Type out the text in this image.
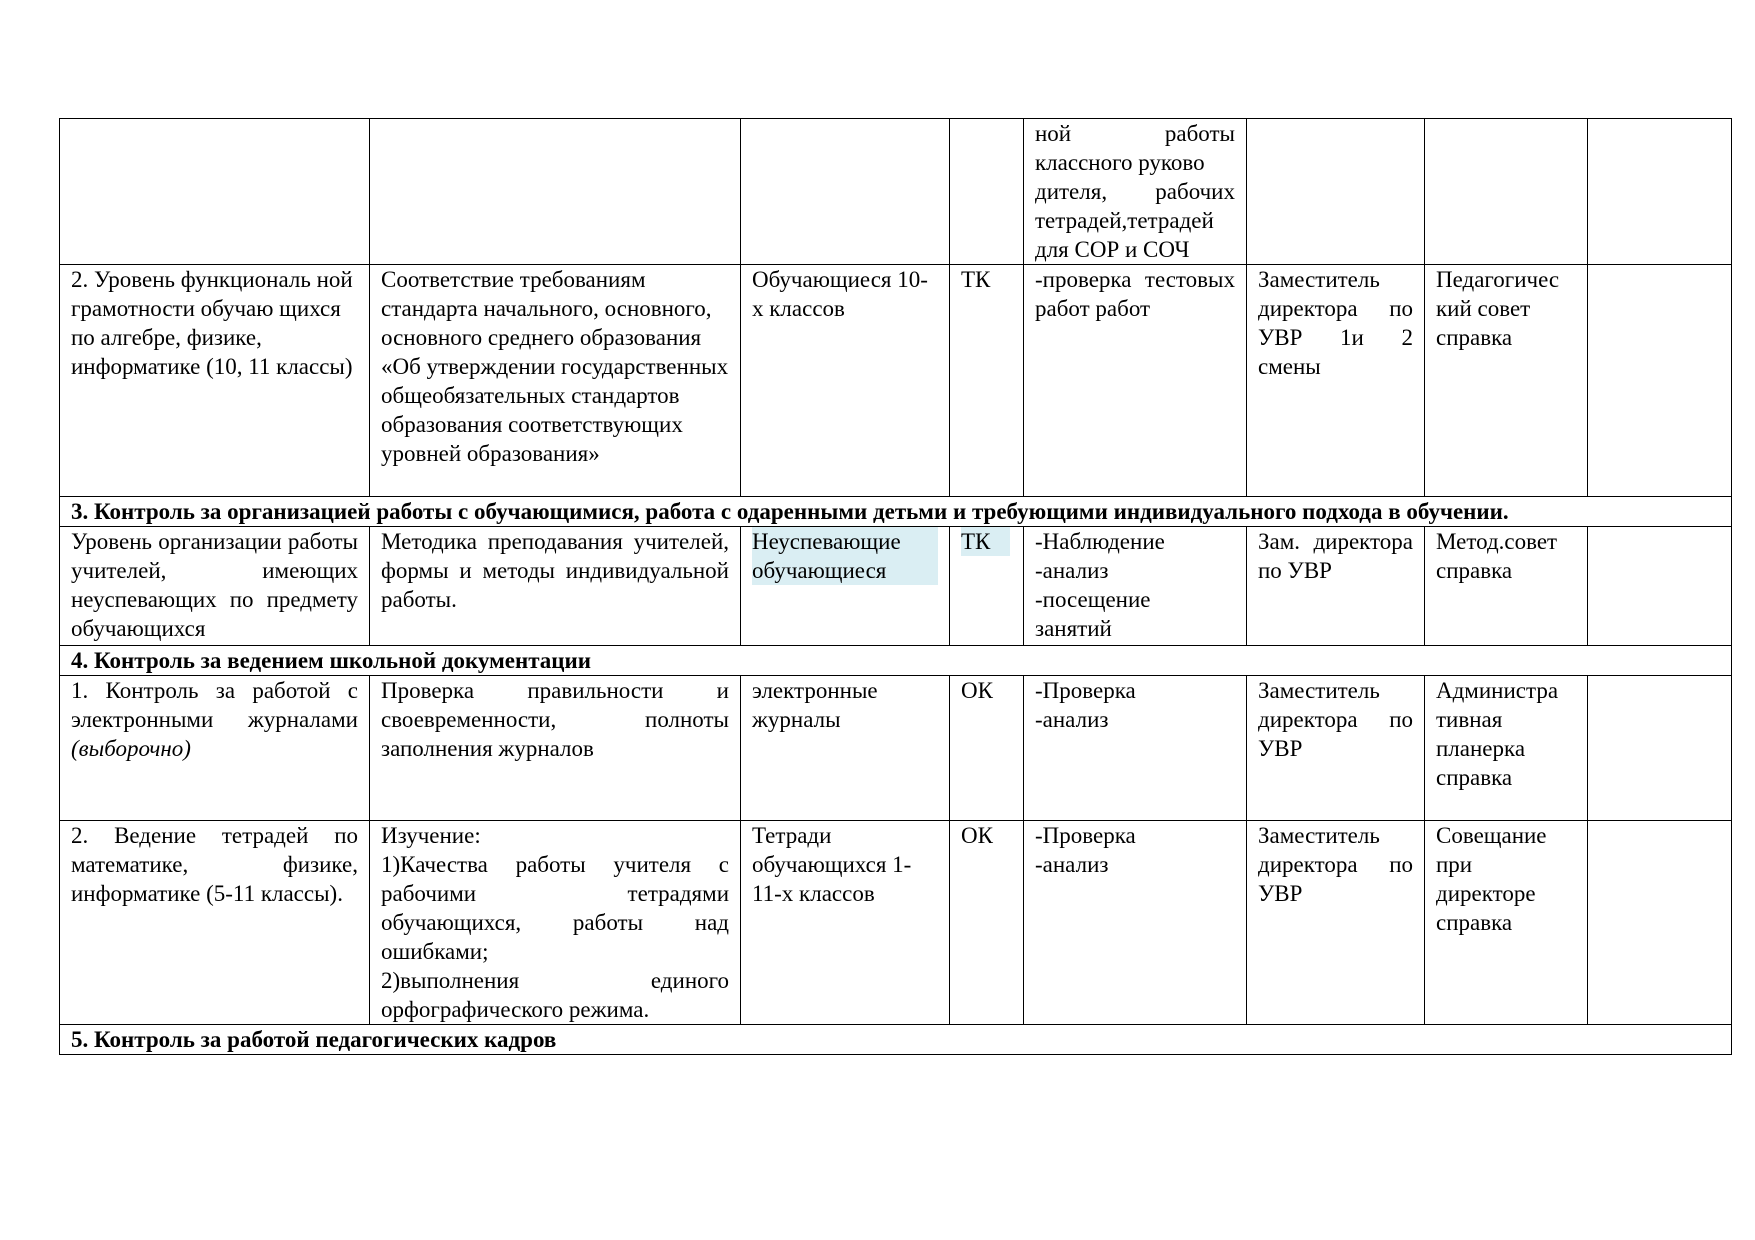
				ной работы
классного руково
дителя, рабочих
тетрадей,тетрадей
для СОР и СОЧ			

2. Уровень функциональ ной грамотности обучаю щихся по алгебре, физике, информатике (10, 11 классы)	Соответствие требованиям стандарта начального, основного, основного среднего образования «Об утверждении государственных общеобязательных стандартов образования соответствующих уровней образования»	Обучающиеся 10-х классов	ТК	-проверка тестовых работ работ	Заместитель директора по УВР 1и 2 смены	Педагогичес кий совет справка	
3. Контроль за организацией работы с обучающимися, работа с одаренными детьми и требующими индивидуального подхода в обучении.							
Уровень организации работы учителей, имеющих неуспевающих по предмету обучающихся	Методика преподавания учителей, формы и методы индивидуальной работы.	Неуспевающие обучающиеся	ТК	-Наблюдение
-анализ
-посещение
занятий	Зам. директора по УВР	Метод.совет справка	
4. Контроль за ведением школьной документации							
1. Контроль за работой с электронными журналами (выборочно)	Проверка правильности и своевременности, полноты заполнения журналов	электронные журналы	ОК	-Проверка
-анализ	Заместитель директора по УВР	Администра тивная планерка справка	
2. Ведение тетрадей по математике, физике, информатике (5-11 классы).	Изучение:
1)Качества работы учителя с рабочими тетрадями обучающихся, работы над ошибками;
2)выполнения единого орфографического режима.	Тетради обучающихся 1-11-х классов	ОК	-Проверка
-анализ	Заместитель директора по УВР	Совещание при директоре справка	
5. Контроль за работой педагогических кадров							
